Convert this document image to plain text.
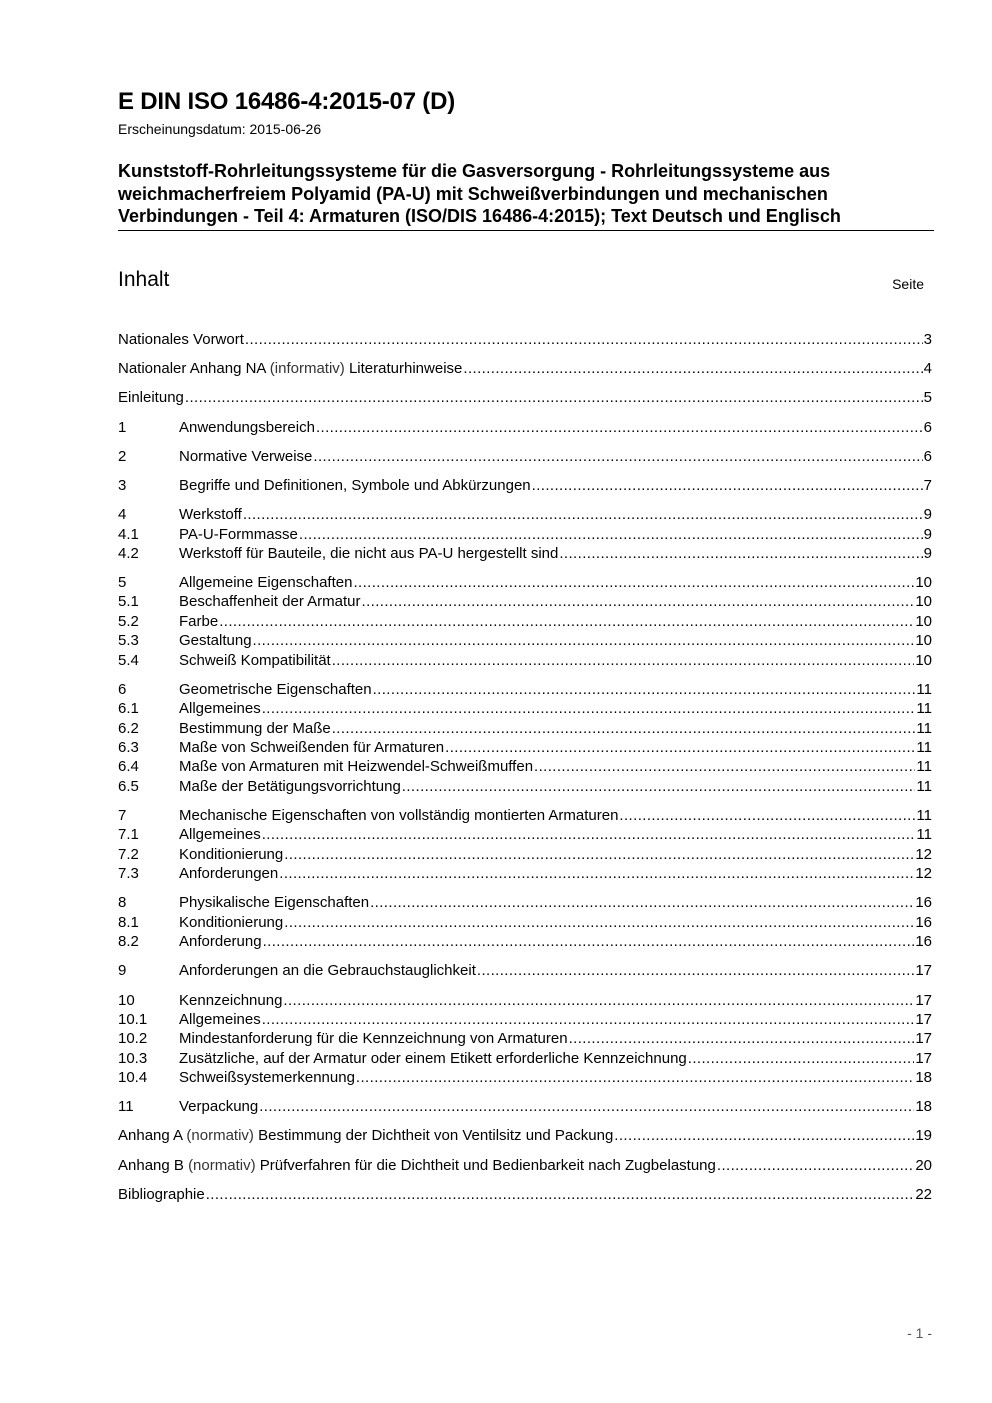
E DIN ISO 16486-4:2015-07 (D)
Erscheinungsdatum: 2015-06-26
Kunststoff-Rohrleitungssysteme für die Gasversorgung - Rohrleitungssysteme aus
weichmacherfreiem Polyamid (PA-U) mit Schweißverbindungen und mechanischen
Verbindungen - Teil 4: Armaturen (ISO/DIS 16486-4:2015); Text Deutsch und Englisch
Inhalt	Seite
Nationales Vorwort .....	3
Nationaler Anhang NA (informativ) Literaturhinweise .....	4
Einleitung .....	5
1	Anwendungsbereich .....	6
2	Normative Verweise .....	6
3	Begriffe und Definitionen, Symbole und Abkürzungen .....	7
4	Werkstoff .....	9
4.1	PA-U-Formmasse .....	9
4.2	Werkstoff für Bauteile, die nicht aus PA-U hergestellt sind .....	9
5	Allgemeine Eigenschaften .....	10
5.1	Beschaffenheit der Armatur .....	10
5.2	Farbe .....	10
5.3	Gestaltung .....	10
5.4	Schweiß Kompatibilität .....	10
6	Geometrische Eigenschaften .....	11
6.1	Allgemeines .....	11
6.2	Bestimmung der Maße .....	11
6.3	Maße von Schweißenden für Armaturen .....	11
6.4	Maße von Armaturen mit Heizwendel-Schweißmuffen .....	11
6.5	Maße der Betätigungsvorrichtung .....	11
7	Mechanische Eigenschaften von vollständig montierten Armaturen .....	11
7.1	Allgemeines .....	11
7.2	Konditionierung .....	12
7.3	Anforderungen .....	12
8	Physikalische Eigenschaften .....	16
8.1	Konditionierung .....	16
8.2	Anforderung .....	16
9	Anforderungen an die Gebrauchstauglichkeit .....	17
10	Kennzeichnung .....	17
10.1	Allgemeines .....	17
10.2	Mindestanforderung für die Kennzeichnung von Armaturen .....	17
10.3	Zusätzliche, auf der Armatur oder einem Etikett erforderliche Kennzeichnung .....	17
10.4	Schweißsystemerkennung .....	18
11	Verpackung .....	18
Anhang A (normativ) Bestimmung der Dichtheit von Ventilsitz und Packung .....	19
Anhang B (normativ) Prüfverfahren für die Dichtheit und Bedienbarkeit nach Zugbelastung .....	20
Bibliographie .....	22
- 1 -
